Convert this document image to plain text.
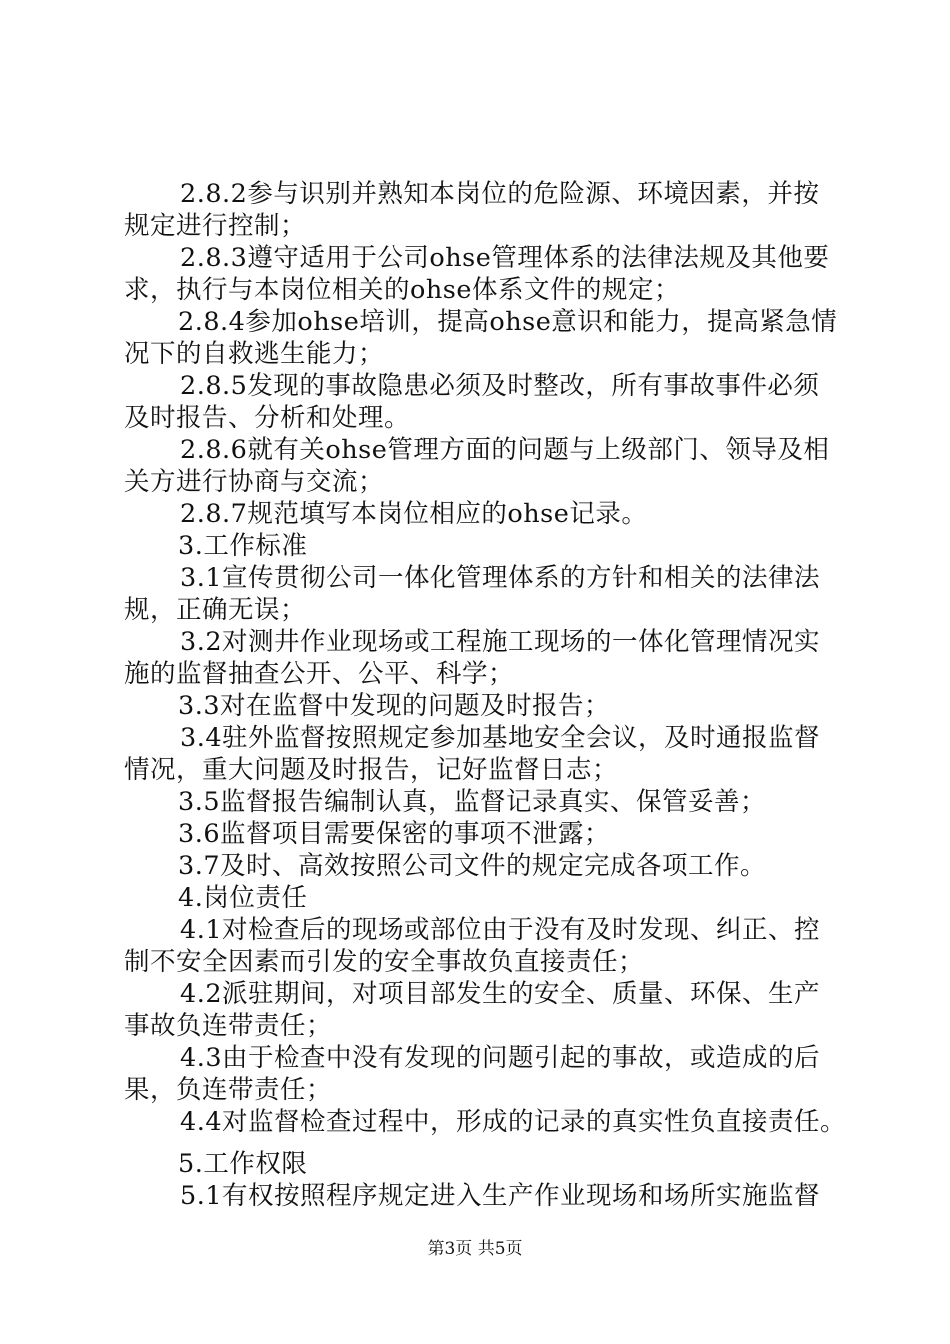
2.8.2参与识别并熟知本岗位的危险源、环境因素，并按
规定进行控制；
2.8.3遵守适用于公司ohse管理体系的法律法规及其他要
求，执行与本岗位相关的ohse体系文件的规定；
2.8.4参加ohse培训，提高ohse意识和能力，提高紧急情
况下的自救逃生能力；
2.8.5发现的事故隐患必须及时整改，所有事故事件必须
及时报告、分析和处理。
2.8.6就有关ohse管理方面的问题与上级部门、领导及相
关方进行协商与交流；
2.8.7规范填写本岗位相应的ohse记录。
3.工作标准
3.1宣传贯彻公司一体化管理体系的方针和相关的法律法
规，正确无误；
3.2对测井作业现场或工程施工现场的一体化管理情况实
施的监督抽查公开、公平、科学；
3.3对在监督中发现的问题及时报告；
3.4驻外监督按照规定参加基地安全会议，及时通报监督
情况，重大问题及时报告，记好监督日志；
3.5监督报告编制认真，监督记录真实、保管妥善；
3.6监督项目需要保密的事项不泄露；
3.7及时、高效按照公司文件的规定完成各项工作。
4.岗位责任
4.1对检查后的现场或部位由于没有及时发现、纠正、控
制不安全因素而引发的安全事故负直接责任；
4.2派驻期间，对项目部发生的安全、质量、环保、生产
事故负连带责任；
4.3由于检查中没有发现的问题引起的事故，或造成的后
果，负连带责任；
4.4对监督检查过程中，形成的记录的真实性负直接责任。
5.工作权限
5.1有权按照程序规定进入生产作业现场和场所实施监督
第3页 共5页
